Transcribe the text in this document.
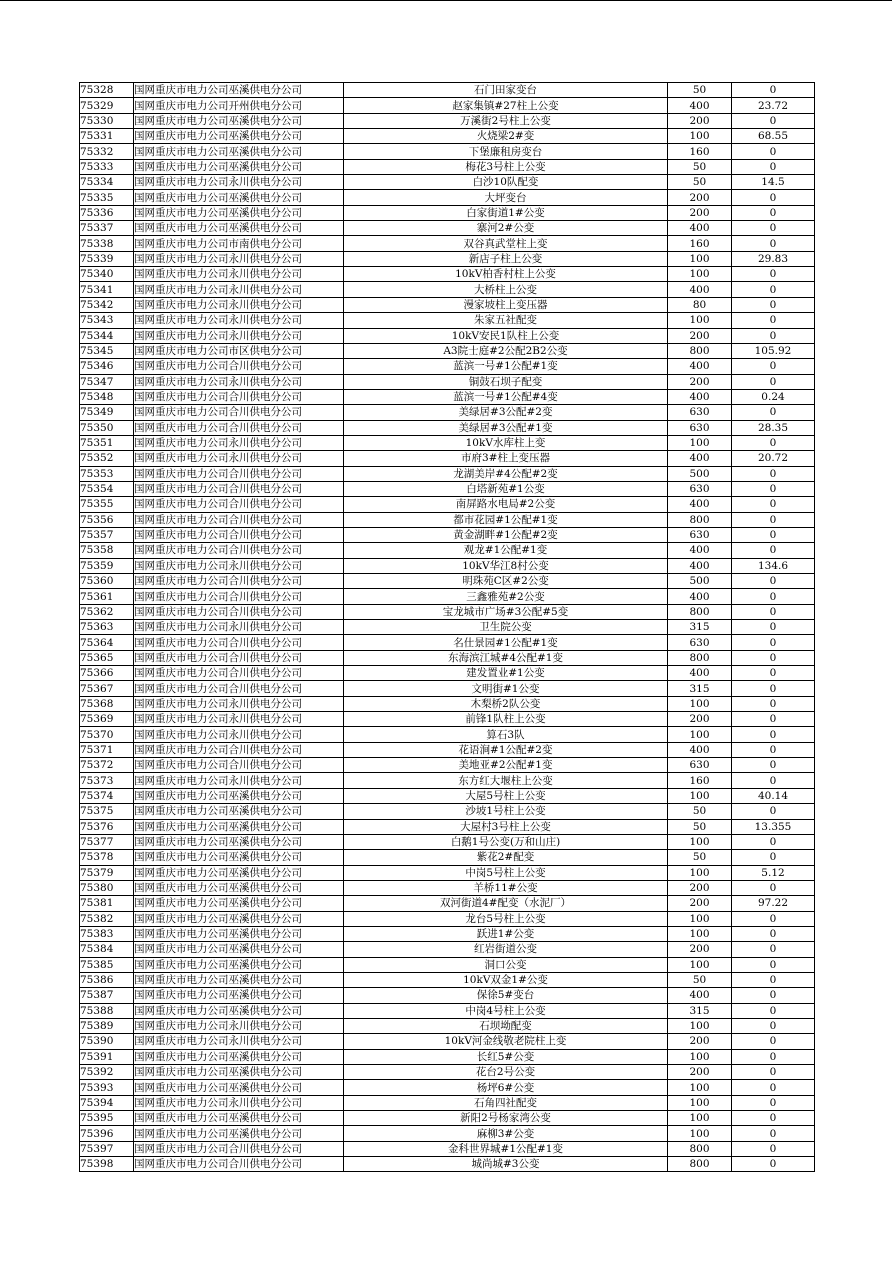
75328	国网重庆市电力公司巫溪供电分公司	石门田家变台	50	0
75329	国网重庆市电力公司开州供电分公司	赵家集镇#27柱上公变	400	23.72
75330	国网重庆市电力公司巫溪供电分公司	万溪街2号柱上公变	200	0
75331	国网重庆市电力公司巫溪供电分公司	火烧梁2#变	100	68.55
75332	国网重庆市电力公司巫溪供电分公司	下堡廉租房变台	160	0
75333	国网重庆市电力公司巫溪供电分公司	梅花3号柱上公变	50	0
75334	国网重庆市电力公司永川供电分公司	白沙10队配变	50	14.5
75335	国网重庆市电力公司巫溪供电分公司	大坪变台	200	0
75336	国网重庆市电力公司巫溪供电分公司	白家街道1#公变	200	0
75337	国网重庆市电力公司巫溪供电分公司	寨河2#公变	400	0
75338	国网重庆市电力公司市南供电分公司	双谷真武堂柱上变	160	0
75339	国网重庆市电力公司永川供电分公司	新店子柱上公变	100	29.83
75340	国网重庆市电力公司永川供电分公司	10kV柏香村柱上公变	100	0
75341	国网重庆市电力公司永川供电分公司	大桥柱上公变	400	0
75342	国网重庆市电力公司永川供电分公司	漫家坡柱上变压器	80	0
75343	国网重庆市电力公司永川供电分公司	朱家五社配变	100	0
75344	国网重庆市电力公司永川供电分公司	10kV安民1队柱上公变	200	0
75345	国网重庆市电力公司市区供电分公司	A3院士庭#2公配2B2公变	800	105.92
75346	国网重庆市电力公司合川供电分公司	蓝滨一号#1公配#1变	400	0
75347	国网重庆市电力公司永川供电分公司	铜鼓石坝子配变	200	0
75348	国网重庆市电力公司合川供电分公司	蓝滨一号#1公配#4变	400	0.24
75349	国网重庆市电力公司合川供电分公司	美绿居#3公配#2变	630	0
75350	国网重庆市电力公司合川供电分公司	美绿居#3公配#1变	630	28.35
75351	国网重庆市电力公司永川供电分公司	10kV水库柱上变	100	0
75352	国网重庆市电力公司永川供电分公司	市府3#柱上变压器	400	20.72
75353	国网重庆市电力公司合川供电分公司	龙湖美岸#4公配#2变	500	0
75354	国网重庆市电力公司合川供电分公司	白塔新苑#1公变	630	0
75355	国网重庆市电力公司合川供电分公司	南屏路水电局#2公变	400	0
75356	国网重庆市电力公司合川供电分公司	都市花园#1公配#1变	800	0
75357	国网重庆市电力公司合川供电分公司	黄金湖畔#1公配#2变	630	0
75358	国网重庆市电力公司合川供电分公司	观龙#1公配#1变	400	0
75359	国网重庆市电力公司永川供电分公司	10kV华江8村公变	400	134.6
75360	国网重庆市电力公司合川供电分公司	明珠苑C区#2公变	500	0
75361	国网重庆市电力公司合川供电分公司	三鑫雅苑#2公变	400	0
75362	国网重庆市电力公司合川供电分公司	宝龙城市广场#3公配#5变	800	0
75363	国网重庆市电力公司永川供电分公司	卫生院公变	315	0
75364	国网重庆市电力公司合川供电分公司	名仕景园#1公配#1变	630	0
75365	国网重庆市电力公司合川供电分公司	东海滨江城#4公配#1变	800	0
75366	国网重庆市电力公司合川供电分公司	建发置业#1公变	400	0
75367	国网重庆市电力公司合川供电分公司	文明街#1公变	315	0
75368	国网重庆市电力公司永川供电分公司	木梨桥2队公变	100	0
75369	国网重庆市电力公司永川供电分公司	前锋1队柱上公变	200	0
75370	国网重庆市电力公司永川供电分公司	算石3队	100	0
75371	国网重庆市电力公司合川供电分公司	花语涧#1公配#2变	400	0
75372	国网重庆市电力公司合川供电分公司	美地亚#2公配#1变	630	0
75373	国网重庆市电力公司永川供电分公司	东方红大堰柱上公变	160	0
75374	国网重庆市电力公司巫溪供电分公司	大屋5号柱上公变	100	40.14
75375	国网重庆市电力公司巫溪供电分公司	沙坡1号柱上公变	50	0
75376	国网重庆市电力公司巫溪供电分公司	大屋村3号柱上公变	50	13.355
75377	国网重庆市电力公司巫溪供电分公司	白鹅1号公变(万和山庄)	100	0
75378	国网重庆市电力公司巫溪供电分公司	紫花2#配变	50	0
75379	国网重庆市电力公司巫溪供电分公司	中岗5号柱上公变	100	5.12
75380	国网重庆市电力公司巫溪供电分公司	羊桥11#公变	200	0
75381	国网重庆市电力公司巫溪供电分公司	双河街道4#配变（水泥厂）	200	97.22
75382	国网重庆市电力公司巫溪供电分公司	龙台5号柱上公变	100	0
75383	国网重庆市电力公司巫溪供电分公司	跃进1#公变	100	0
75384	国网重庆市电力公司巫溪供电分公司	红岩街道公变	200	0
75385	国网重庆市电力公司巫溪供电分公司	洞口公变	100	0
75386	国网重庆市电力公司巫溪供电分公司	10kV双金1#公变	50	0
75387	国网重庆市电力公司巫溪供电分公司	保徐5#变台	400	0
75388	国网重庆市电力公司巫溪供电分公司	中岗4号柱上公变	315	0
75389	国网重庆市电力公司永川供电分公司	石坝坳配变	100	0
75390	国网重庆市电力公司永川供电分公司	10kV河金线敬老院柱上变	200	0
75391	国网重庆市电力公司巫溪供电分公司	长红5#公变	100	0
75392	国网重庆市电力公司巫溪供电分公司	花台2号公变	200	0
75393	国网重庆市电力公司巫溪供电分公司	杨坪6#公变	100	0
75394	国网重庆市电力公司永川供电分公司	石角四社配变	100	0
75395	国网重庆市电力公司巫溪供电分公司	新阳2号杨家湾公变	100	0
75396	国网重庆市电力公司巫溪供电分公司	麻柳3#公变	100	0
75397	国网重庆市电力公司合川供电分公司	金科世界城#1公配#1变	800	0
75398	国网重庆市电力公司合川供电分公司	城尚城#3公变	800	0
